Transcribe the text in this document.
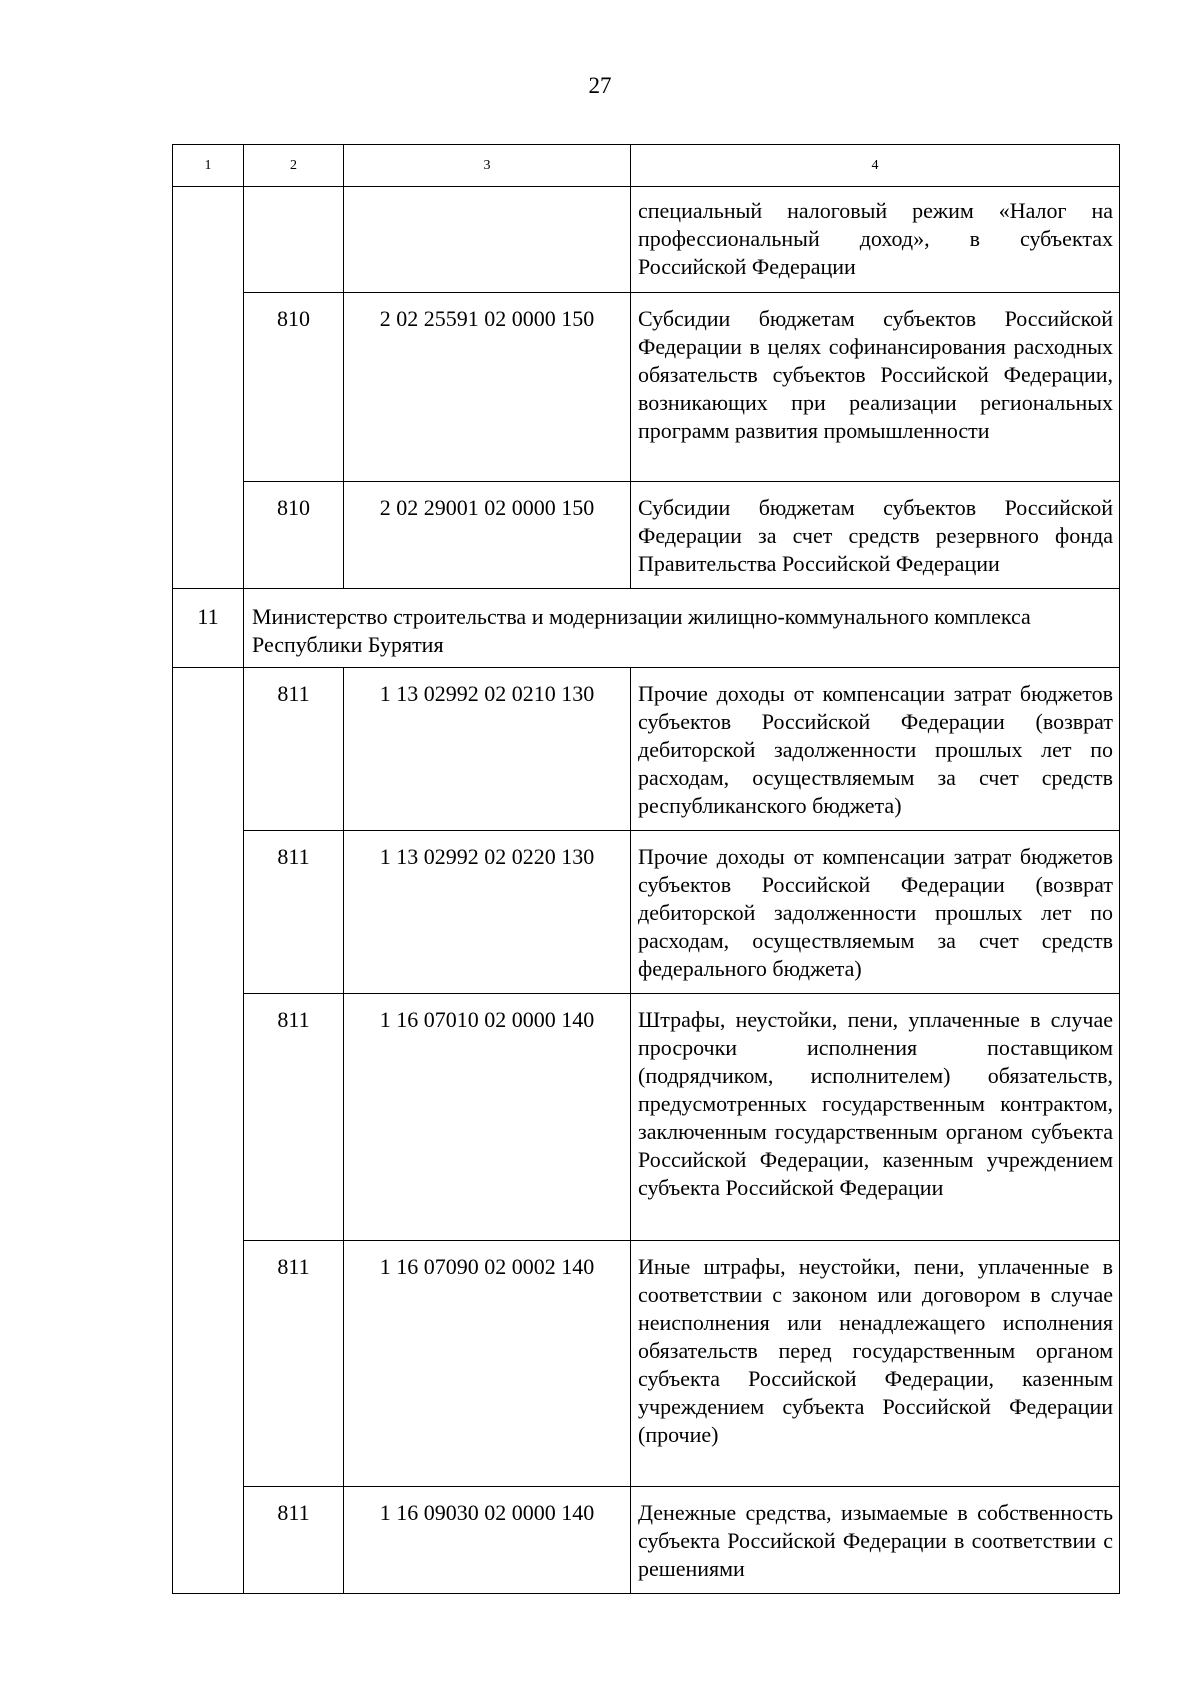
27
1	2	3	4
			специальный налоговый режим «Налог на профессиональный доход», в субъектах Российской Федерации
	810	2 02 25591 02 0000 150	Субсидии бюджетам субъектов Российской Федерации в целях софинансирования расходных обязательств субъектов Российской Федерации, возникающих при реализации региональных программ развития промышленности
	810	2 02 29001 02 0000 150	Субсидии бюджетам субъектов Российской Федерации за счет средств резервного фонда Правительства Российской Федерации
11	Министерство строительства и модернизации жилищно-коммунального комплекса Республики Бурятия		
	811	1 13 02992 02 0210 130	Прочие доходы от компенсации затрат бюджетов субъектов Российской Федерации (возврат дебиторской задолженности прошлых лет по расходам, осуществляемым за счет средств республиканского бюджета)
	811	1 13 02992 02 0220 130	Прочие доходы от компенсации затрат бюджетов субъектов Российской Федерации (возврат дебиторской задолженности прошлых лет по расходам, осуществляемым за счет средств федерального бюджета)
	811	1 16 07010 02 0000 140	Штрафы, неустойки, пени, уплаченные в случае просрочки исполнения поставщиком (подрядчиком, исполнителем) обязательств, предусмотренных государственным контрактом, заключенным государственным органом субъекта Российской Федерации, казенным учреждением субъекта Российской Федерации
	811	1 16 07090 02 0002 140	Иные штрафы, неустойки, пени, уплаченные в соответствии с законом или договором в случае неисполнения или ненадлежащего исполнения обязательств перед государственным органом субъекта Российской Федерации, казенным учреждением субъекта Российской Федерации (прочие)
	811	1 16 09030 02 0000 140	Денежные средства, изымаемые в собственность субъекта Российской Федерации в соответствии с решениями
